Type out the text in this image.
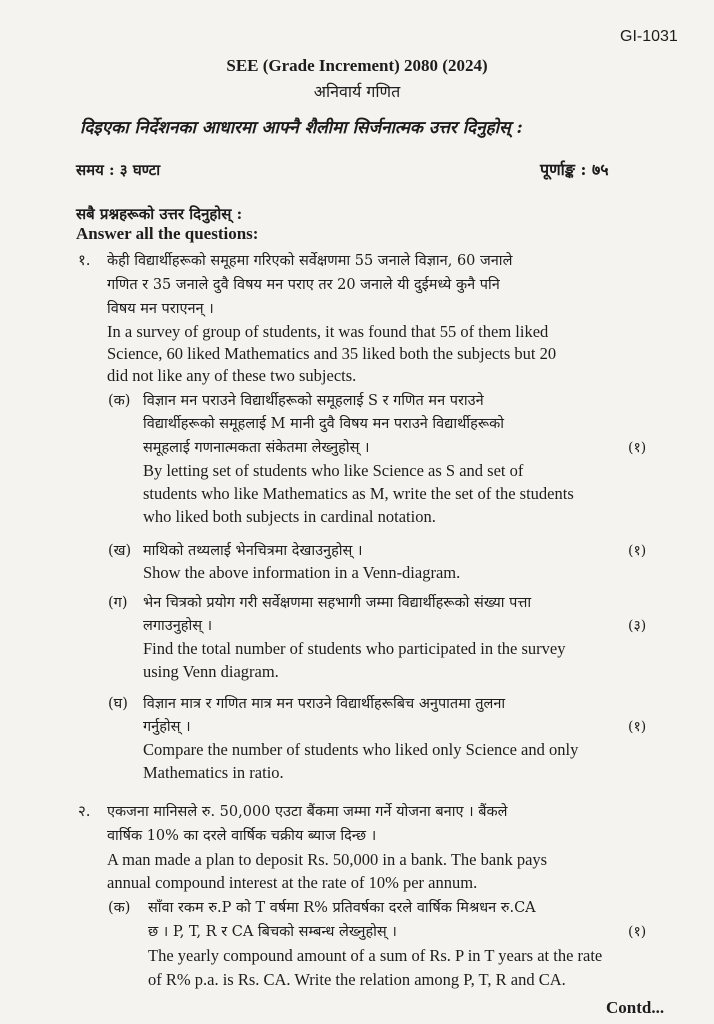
GI-1031
SEE (Grade Increment) 2080 (2024)
अनिवार्य गणित
दिइएका निर्देशनका आधारमा आफ्नै शैलीमा सिर्जनात्मक उत्तर दिनुहोस् :
समय : ३ घण्टा	पूर्णाङ्क : ७५
सबै प्रश्नहरूको उत्तर दिनुहोस् :
Answer all the questions:
१. केही विद्यार्थीहरूको समूहमा गरिएको सर्वेक्षणमा 55 जनाले विज्ञान, 60 जनाले
गणित र 35 जनाले दुवै विषय मन पराए तर 20 जनाले यी दुईमध्ये कुनै पनि
विषय मन पराएनन् ।
In a survey of group of students, it was found that 55 of them liked
Science, 60 liked Mathematics and 35 liked both the subjects but 20
did not like any of these two subjects.
(क) विज्ञान मन पराउने विद्यार्थीहरूको समूहलाई S र गणित मन पराउने
विद्यार्थीहरूको समूहलाई M मानी दुवै विषय मन पराउने विद्यार्थीहरूको
समूहलाई गणनात्मकता संकेतमा लेख्नुहोस् ।	(१)
By letting set of students who like Science as S and set of
students who like Mathematics as M, write the set of the students
who liked both subjects in cardinal notation.
(ख) माथिको तथ्यलाई भेनचित्रमा देखाउनुहोस् ।	(१)
Show the above information in a Venn-diagram.
(ग) भेन चित्रको प्रयोग गरी सर्वेक्षणमा सहभागी जम्मा विद्यार्थीहरूको संख्या पत्ता
लगाउनुहोस् ।	(३)
Find the total number of students who participated in the survey
using Venn diagram.
(घ) विज्ञान मात्र र गणित मात्र मन पराउने विद्यार्थीहरूबिच अनुपातमा तुलना
गर्नुहोस् ।	(१)
Compare the number of students who liked only Science and only
Mathematics in ratio.
२. एकजना मानिसले रु. 50,000 एउटा बैंकमा जम्मा गर्ने योजना बनाए । बैंकले
वार्षिक 10% का दरले वार्षिक चक्रीय ब्याज दिन्छ ।
A man made a plan to deposit Rs. 50,000 in a bank. The bank pays
annual compound interest at the rate of 10% per annum.
(क) साँवा रकम रु.P को T वर्षमा R% प्रतिवर्षका दरले वार्षिक मिश्रधन रु.CA
छ । P, T, R र CA बिचको सम्बन्ध लेख्नुहोस् ।	(१)
The yearly compound amount of a sum of Rs. P in T years at the rate
of R% p.a. is Rs. CA. Write the relation among P, T, R and CA.
Contd...
